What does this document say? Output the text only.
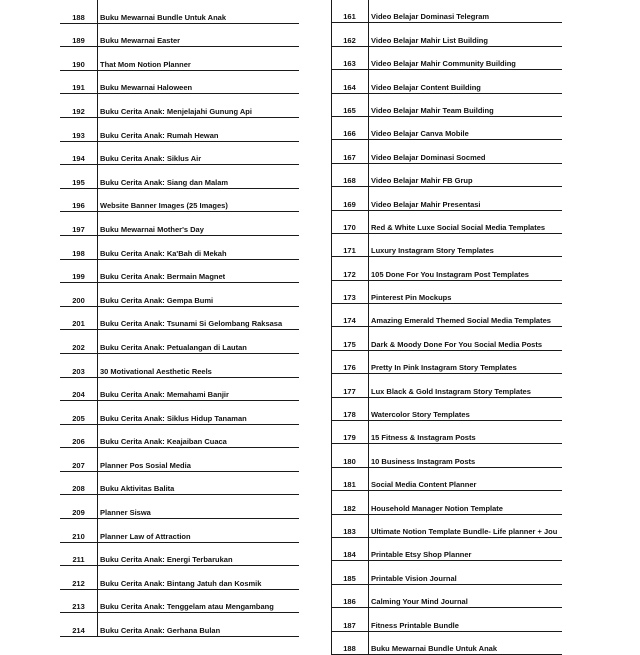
188	Buku Mewarnai Bundle Untuk Anak
189	Buku Mewarnai Easter
190	That Mom Notion Planner
191	Buku Mewarnai Haloween
192	Buku Cerita Anak: Menjelajahi Gunung Api
193	Buku Cerita Anak: Rumah Hewan
194	Buku Cerita Anak: Siklus Air
195	Buku Cerita Anak: Siang dan Malam
196	Website Banner Images (25 Images)
197	Buku Mewarnai Mother's Day
198	Buku Cerita Anak: Ka'Bah di Mekah
199	Buku Cerita Anak: Bermain Magnet
200	Buku Cerita Anak: Gempa Bumi
201	Buku Cerita Anak: Tsunami Si Gelombang Raksasa
202	Buku Cerita Anak: Petualangan di Lautan
203	30 Motivational Aesthetic Reels
204	Buku Cerita Anak: Memahami Banjir
205	Buku Cerita Anak: Siklus Hidup Tanaman
206	Buku Cerita Anak: Keajaiban Cuaca
207	Planner Pos Sosial Media
208	Buku Aktivitas Balita
209	Planner Siswa
210	Planner Law of Attraction
211	Buku Cerita Anak: Energi Terbarukan
212	Buku Cerita Anak: Bintang Jatuh dan Kosmik
213	Buku Cerita Anak: Tenggelam atau Mengambang
214	Buku Cerita Anak: Gerhana Bulan
161	Video Belajar Dominasi Telegram
162	Video Belajar Mahir List Building
163	Video Belajar Mahir Community Building
164	Video Belajar Content Building
165	Video Belajar Mahir Team Building
166	Video Belajar Canva Mobile
167	Video Belajar Dominasi Socmed
168	Video Belajar Mahir FB Grup
169	Video Belajar Mahir Presentasi
170	Red & White Luxe Social Social Media Templates
171	Luxury Instagram Story Templates
172	105 Done For You Instagram Post Templates
173	Pinterest Pin Mockups
174	Amazing Emerald Themed Social Media Templates
175	Dark & Moody Done For You Social Media Posts
176	Pretty In Pink Instagram Story Templates
177	Lux Black & Gold Instagram Story Templates
178	Watercolor Story Templates
179	15 Fitness & Instagram Posts
180	10 Business Instagram Posts
181	Social Media Content Planner
182	Household Manager Notion Template
183	Ultimate Notion Template Bundle- Life planner + Jou
184	Printable Etsy Shop Planner
185	Printable Vision Journal
186	Calming Your Mind Journal
187	Fitness Printable Bundle
188	Buku Mewarnai Bundle Untuk Anak
